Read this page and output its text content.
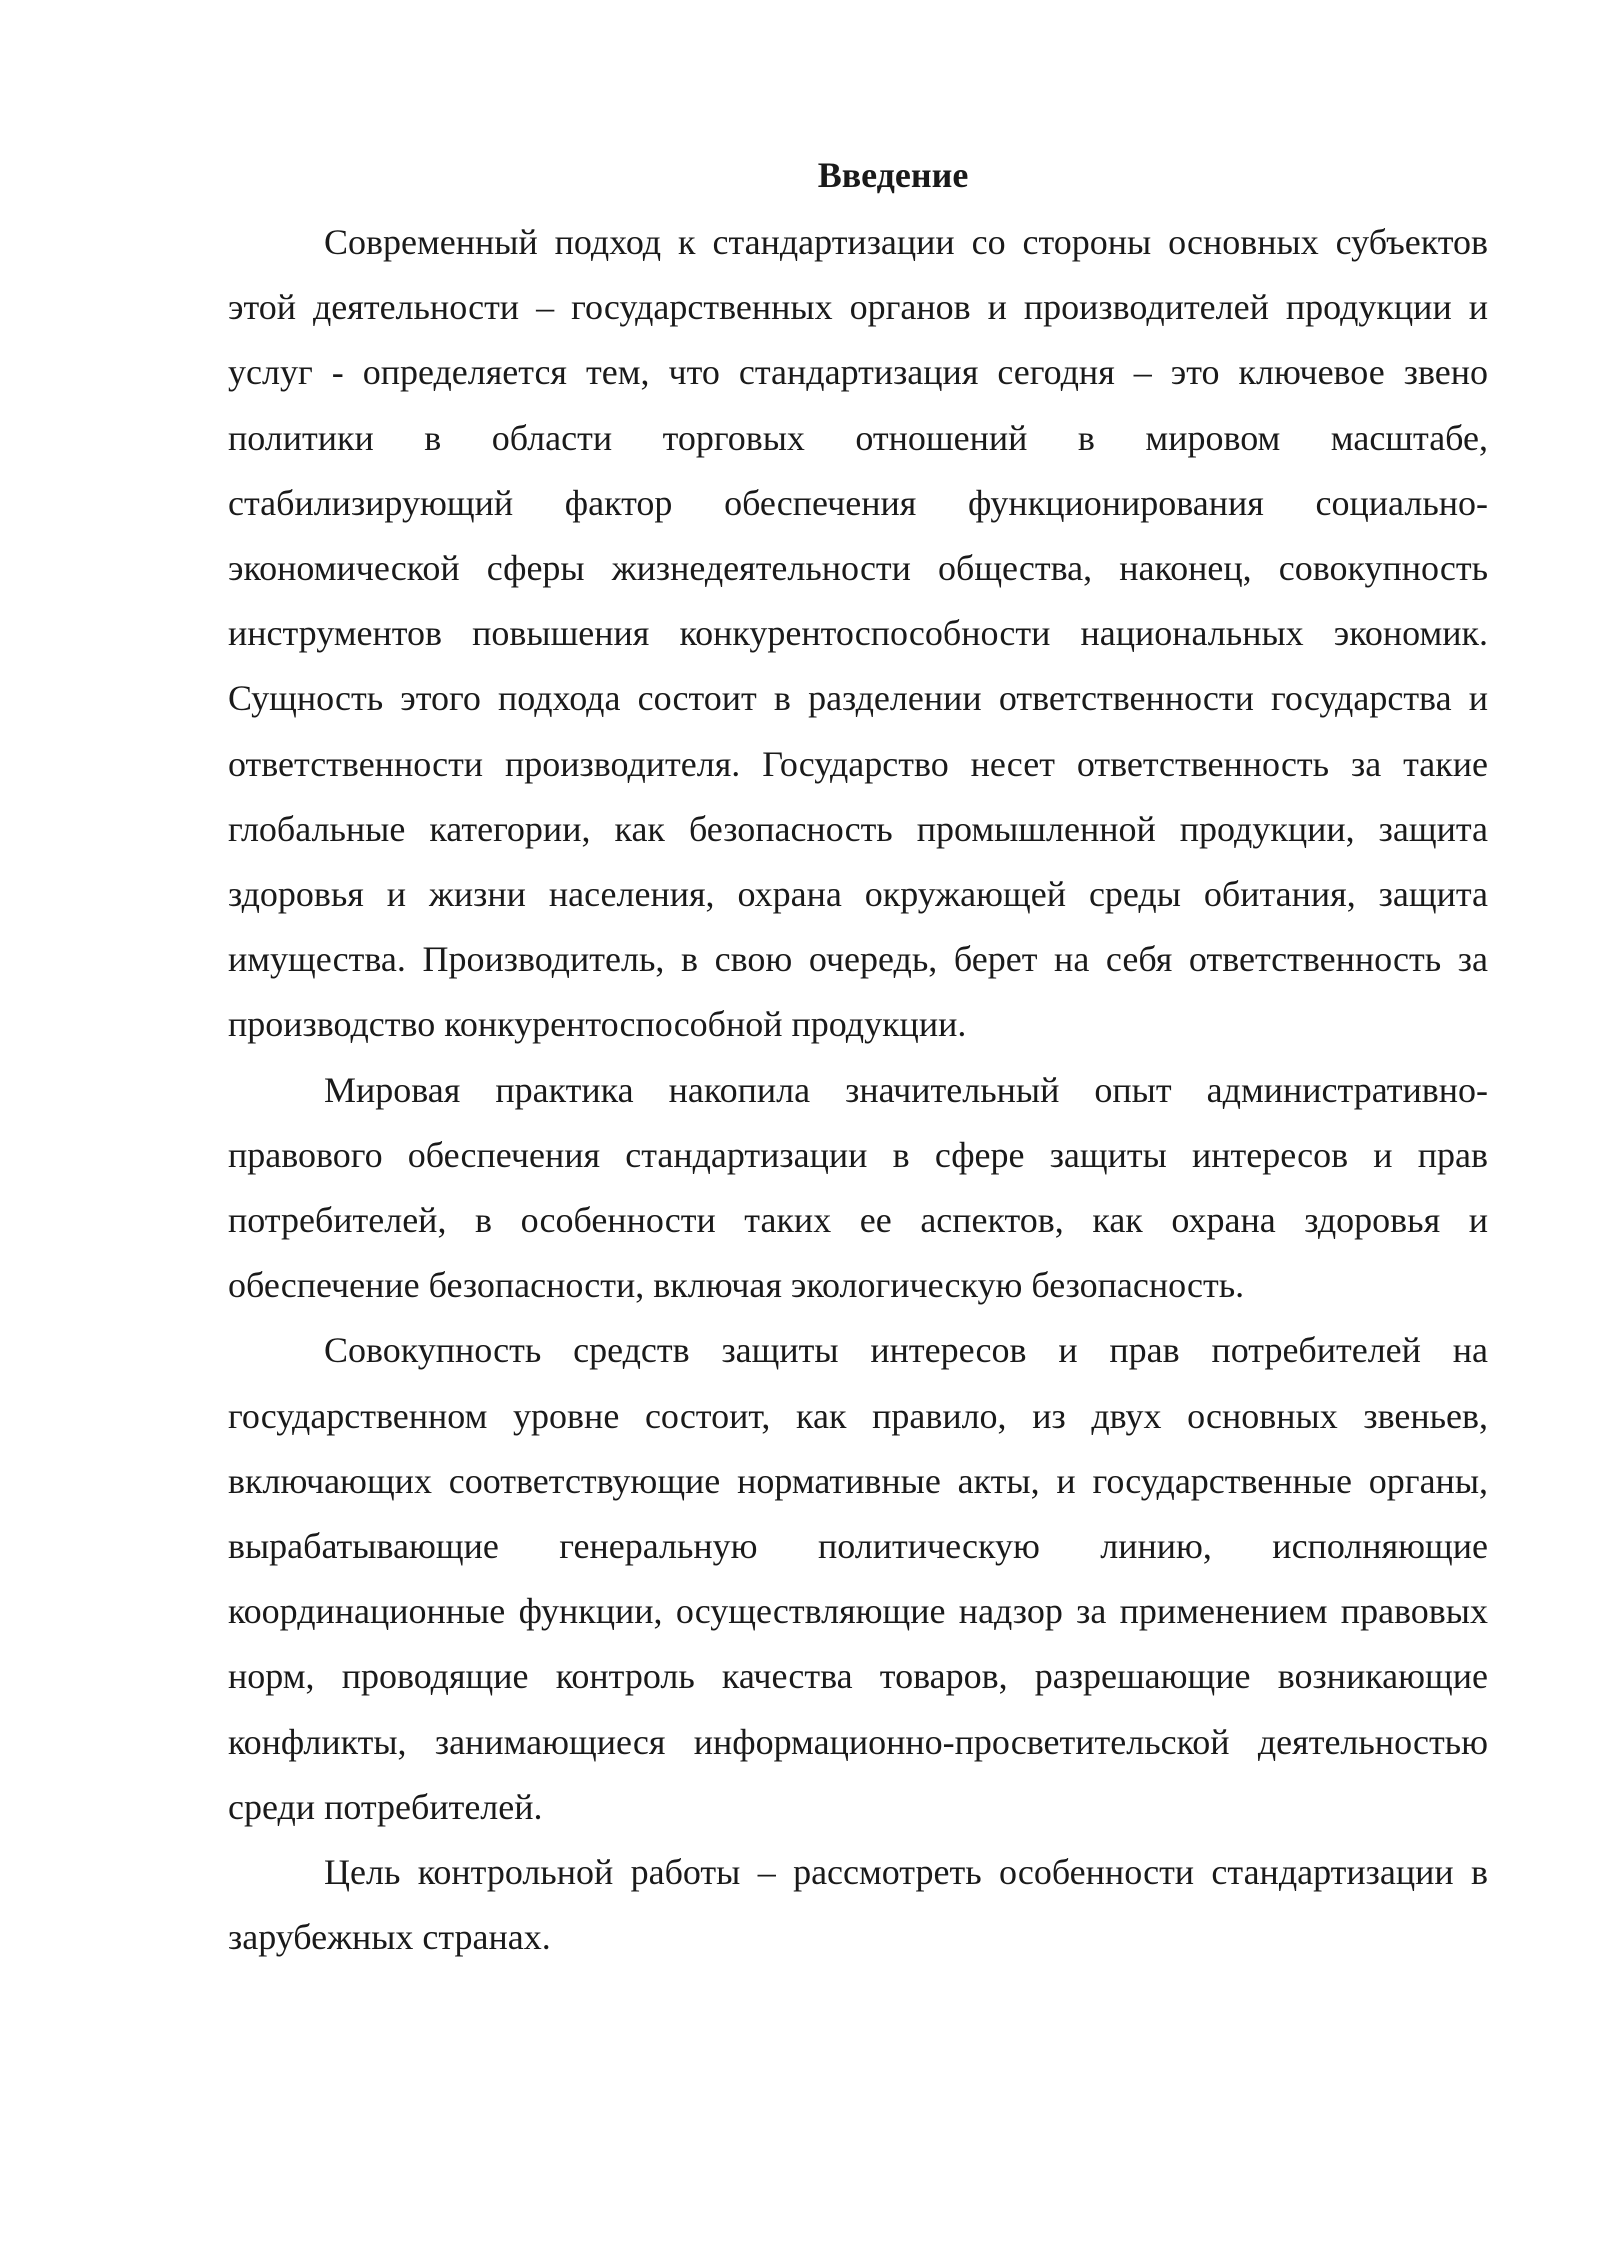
Введение

Современный подход к стандартизации со стороны основных субъектов этой деятельности – государственных органов и производителей продукции и услуг - определяется тем, что стандартизация сегодня – это ключевое звено политики в области торговых отношений в мировом масштабе, стабилизирующий фактор обеспечения функционирования социально-экономической сферы жизнедеятельности общества, наконец, совокупность инструментов повышения конкурентоспособности национальных экономик. Сущность этого подхода состоит в разделении ответственности государства и ответственности производителя. Государство несет ответственность за такие глобальные категории, как безопасность промышленной продукции, защита здоровья и жизни населения, охрана окружающей среды обитания, защита имущества. Производитель, в свою очередь, берет на себя ответственность за производство конкурентоспособной продукции.

Мировая практика накопила значительный опыт административно-правового обеспечения стандартизации в сфере защиты интересов и прав потребителей, в особенности таких ее аспектов, как охрана здоровья и обеспечение безопасности, включая экологическую безопасность.

Совокупность средств защиты интересов и прав потребителей на государственном уровне состоит, как правило, из двух основных звеньев, включающих соответствующие нормативные акты, и государственные органы, вырабатывающие генеральную политическую линию, исполняющие координационные функции, осуществляющие надзор за применением правовых норм, проводящие контроль качества товаров, разрешающие возникающие конфликты, занимающиеся информационно-просветительской деятельностью среди потребителей.

Цель контрольной работы – рассмотреть особенности стандартизации в зарубежных странах.
